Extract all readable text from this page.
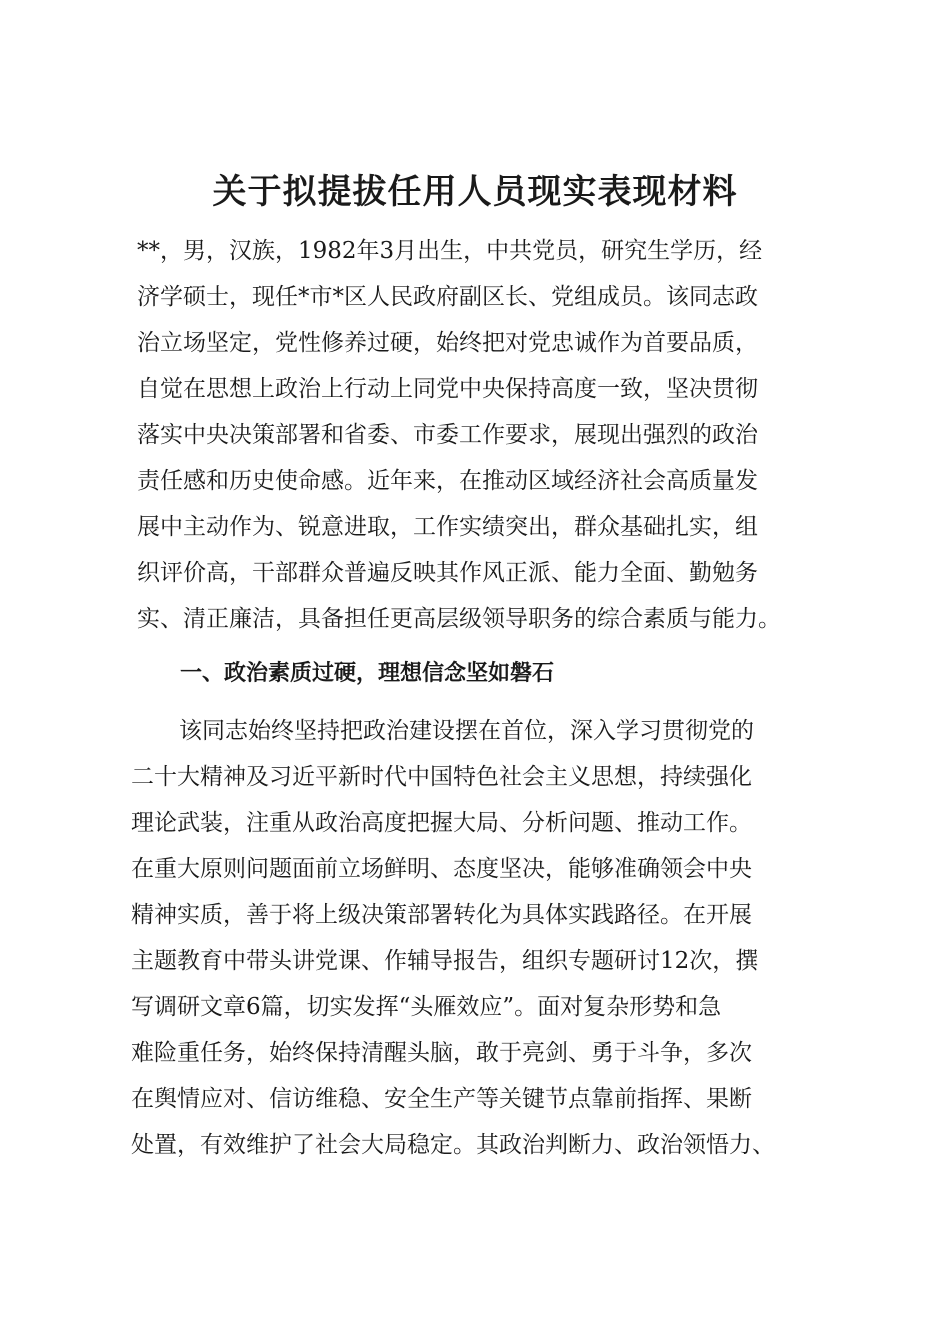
关于拟提拔任用人员现实表现材料
**，男，汉族，1982年3月出生，中共党员，研究生学历，经
济学硕士，现任*市*区人民政府副区长、党组成员。该同志政
治立场坚定，党性修养过硬，始终把对党忠诚作为首要品质，
自觉在思想上政治上行动上同党中央保持高度一致，坚决贯彻
落实中央决策部署和省委、市委工作要求，展现出强烈的政治
责任感和历史使命感。近年来，在推动区域经济社会高质量发
展中主动作为、锐意进取，工作实绩突出，群众基础扎实，组
织评价高，干部群众普遍反映其作风正派、能力全面、勤勉务
实、清正廉洁，具备担任更高层级领导职务的综合素质与能力。
一、政治素质过硬，理想信念坚如磐石
该同志始终坚持把政治建设摆在首位，深入学习贯彻党的
二十大精神及习近平新时代中国特色社会主义思想，持续强化
理论武装，注重从政治高度把握大局、分析问题、推动工作。
在重大原则问题面前立场鲜明、态度坚决，能够准确领会中央
精神实质，善于将上级决策部署转化为具体实践路径。在开展
主题教育中带头讲党课、作辅导报告，组织专题研讨12次，撰
写调研文章6篇，切实发挥“头雁效应”。面对复杂形势和急
难险重任务，始终保持清醒头脑，敢于亮剑、勇于斗争，多次
在舆情应对、信访维稳、安全生产等关键节点靠前指挥、果断
处置，有效维护了社会大局稳定。其政治判断力、政治领悟力、
